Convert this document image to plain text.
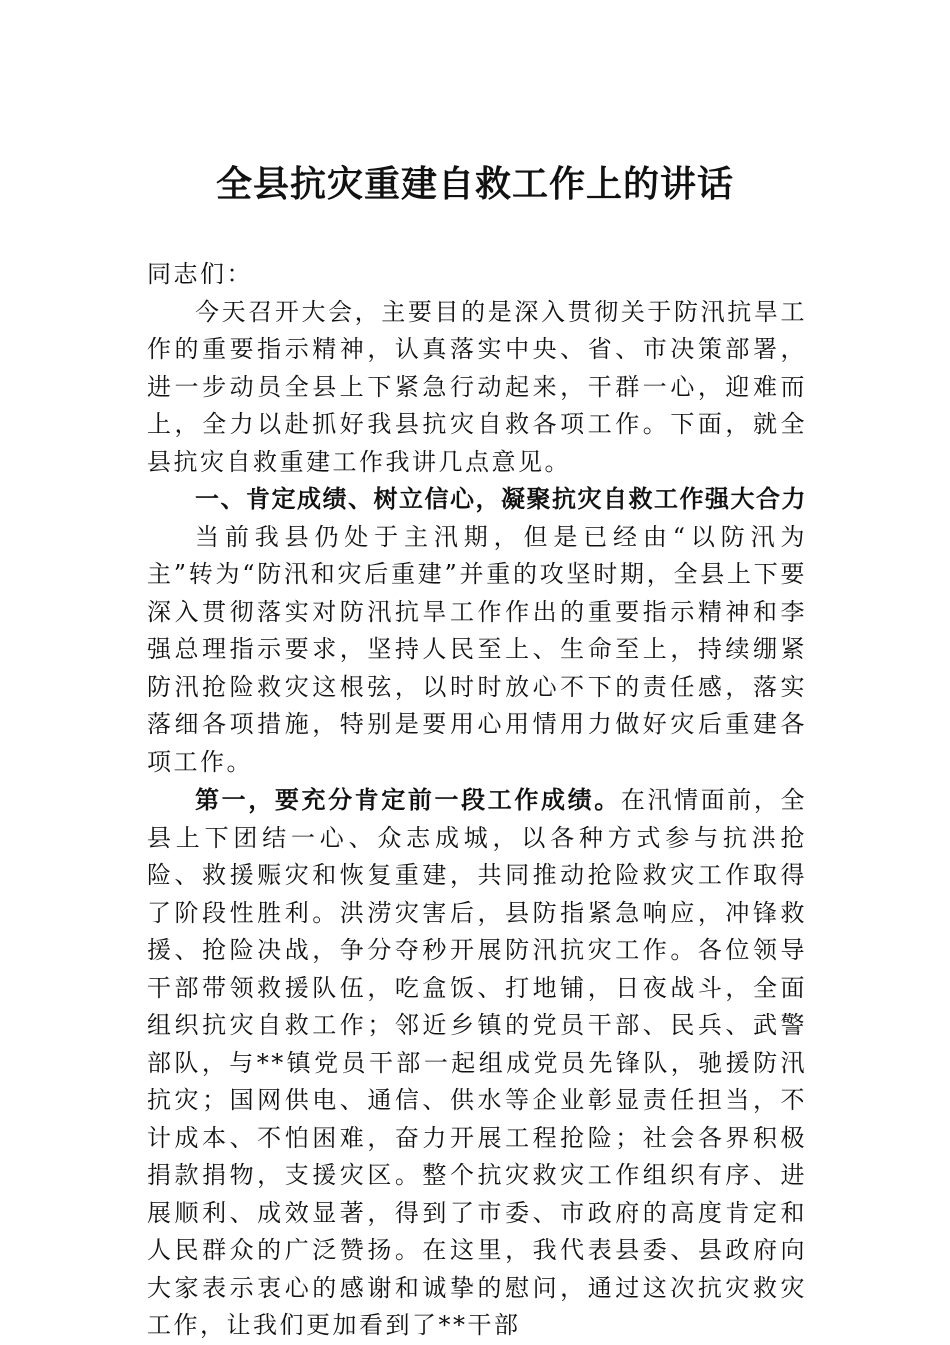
全县抗灾重建自救工作上的讲话

同志们：

今天召开大会，主要目的是深入贯彻关于防汛抗旱工作的重要指示精神，认真落实中央、省、市决策部署，进一步动员全县上下紧急行动起来，干群一心，迎难而上，全力以赴抓好我县抗灾自救各项工作。下面，就全县抗灾自救重建工作我讲几点意见。

一、肯定成绩、树立信心，凝聚抗灾自救工作强大合力

当前我县仍处于主汛期，但是已经由“以防汛为主”转为“防汛和灾后重建”并重的攻坚时期，全县上下要深入贯彻落实对防汛抗旱工作作出的重要指示精神和李强总理指示要求，坚持人民至上、生命至上，持续绷紧防汛抢险救灾这根弦，以时时放心不下的责任感，落实落细各项措施，特别是要用心用情用力做好灾后重建各项工作。

第一，要充分肯定前一段工作成绩。在汛情面前，全县上下团结一心、众志成城，以各种方式参与抗洪抢险、救援赈灾和恢复重建，共同推动抢险救灾工作取得了阶段性胜利。洪涝灾害后，县防指紧急响应，冲锋救援、抢险决战，争分夺秒开展防汛抗灾工作。各位领导干部带领救援队伍，吃盒饭、打地铺，日夜战斗，全面组织抗灾自救工作；邻近乡镇的党员干部、民兵、武警部队，与**镇党员干部一起组成党员先锋队，驰援防汛抗灾；国网供电、通信、供水等企业彰显责任担当，不计成本、不怕困难，奋力开展工程抢险；社会各界积极捐款捐物，支援灾区。整个抗灾救灾工作组织有序、进展顺利、成效显著，得到了市委、市政府的高度肯定和人民群众的广泛赞扬。在这里，我代表县委、县政府向大家表示衷心的感谢和诚挚的慰问，通过这次抗灾救灾工作，让我们更加看到了**干部
